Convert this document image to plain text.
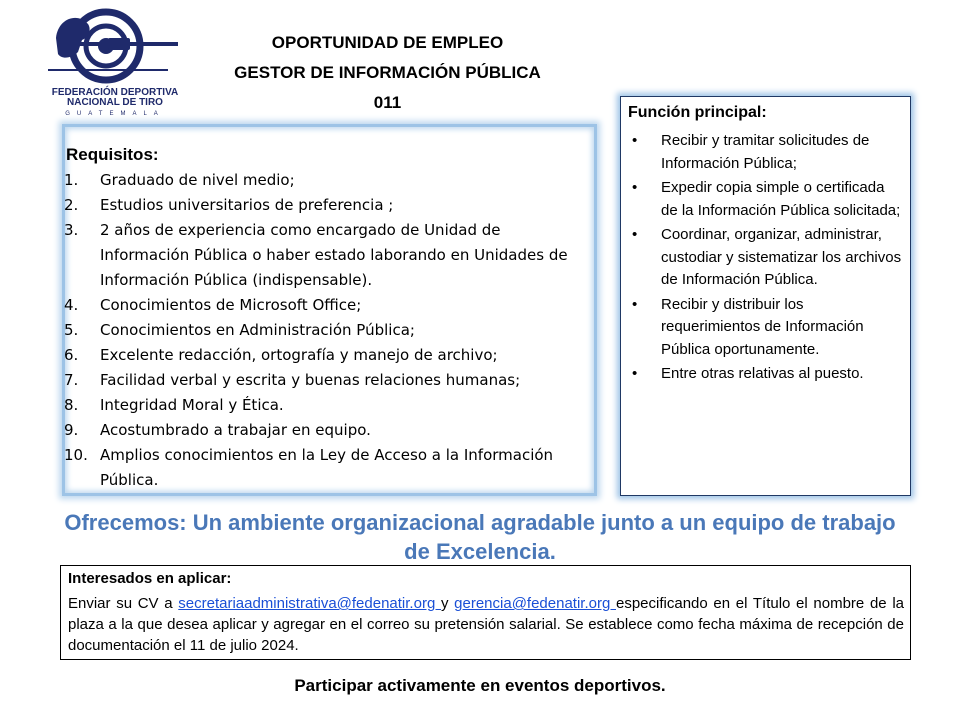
FEDERACIÓN DEPORTIVA
NACIONAL DE TIRO
GUATEMALA
OPORTUNIDAD DE EMPLEO
GESTOR DE INFORMACIÓN PÚBLICA
011
Requisitos:
1. Graduado de nivel medio;
2. Estudios universitarios de preferencia ;
3. 2 años de experiencia como encargado de Unidad de Información Pública o haber estado laborando en Unidades de Información Pública (indispensable).
4. Conocimientos de Microsoft Office;
5. Conocimientos en Administración Pública;
6. Excelente redacción, ortografía y manejo de archivo;
7. Facilidad verbal y escrita y buenas relaciones humanas;
8. Integridad Moral y Ética.
9. Acostumbrado a trabajar en equipo.
10. Amplios conocimientos en la Ley de Acceso a la Información Pública.
Función principal:
• Recibir y tramitar solicitudes de Información Pública;
• Expedir copia simple o certificada de la Información Pública solicitada;
• Coordinar, organizar, administrar, custodiar y sistematizar los archivos de Información Pública.
• Recibir y distribuir los requerimientos de Información Pública oportunamente.
• Entre otras relativas al puesto.
Ofrecemos: Un ambiente organizacional agradable junto a un equipo de trabajo de Excelencia.
Interesados en aplicar:
Enviar su CV a secretariaadministrativa@fedenatir.org y gerencia@fedenatir.org especificando en el Título el nombre de la plaza a la que desea aplicar y agregar en el correo su pretensión salarial. Se establece como fecha máxima de recepción de documentación el 11 de julio 2024.
Participar activamente en eventos deportivos.
